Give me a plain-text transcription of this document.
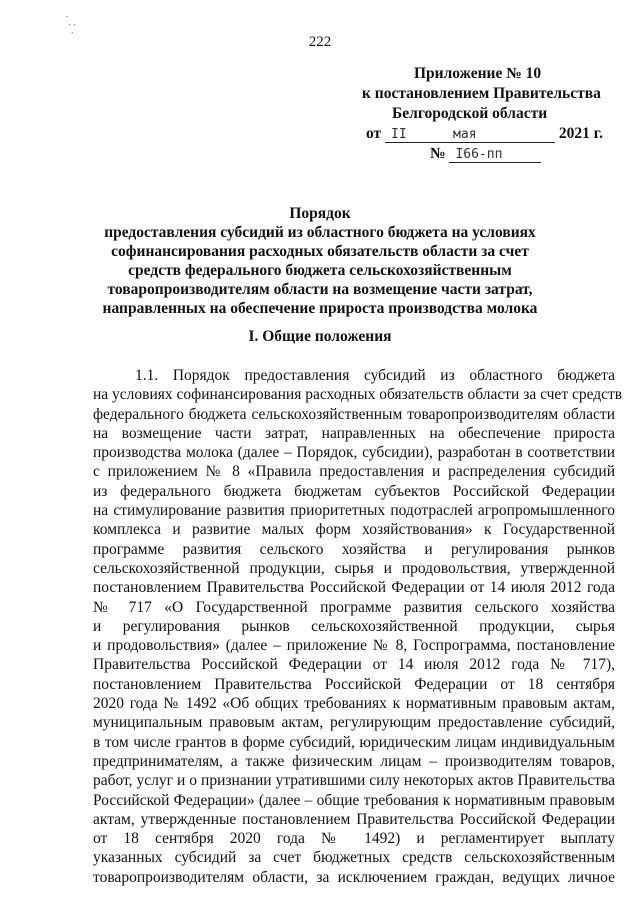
∙
∙ ∙
∙
222
Приложение № 10
к постановлением Правительства
Белгородской области
от II	мая	2021 г.
№ I66-пп
Порядок
предоставления субсидий из областного бюджета на условиях
софинансирования расходных обязательств области за счет
средств федерального бюджета сельскохозяйственным
товаропроизводителям области на возмещение части затрат,
направленных на обеспечение прироста производства молока
I. Общие положения
1.1. Порядок предоставления субсидий из областного бюджета
на условиях софинансирования расходных обязательств области за счет средств
федерального бюджета сельскохозяйственным товаропроизводителям области
на возмещение части затрат, направленных на обеспечение прироста
производства молока (далее – Порядок, субсидии), разработан в соответствии
с приложением № 8 «Правила предоставления и распределения субсидий
из федерального бюджета бюджетам субъектов Российской Федерации
на стимулирование развития приоритетных подотраслей агропромышленного
комплекса и развитие малых форм хозяйствования» к Государственной
программе развития сельского хозяйства и регулирования рынков
сельскохозяйственной продукции, сырья и продовольствия, утвержденной
постановлением Правительства Российской Федерации от 14 июля 2012 года
№ 717 «О Государственной программе развития сельского хозяйства
и регулирования рынков сельскохозяйственной продукции, сырья
и продовольствия» (далее – приложение № 8, Госпрограмма, постановление
Правительства Российской Федерации от 14 июля 2012 года № 717),
постановлением Правительства Российской Федерации от 18 сентября
2020 года № 1492 «Об общих требованиях к нормативным правовым актам,
муниципальным правовым актам, регулирующим предоставление субсидий,
в том числе грантов в форме субсидий, юридическим лицам индивидуальным
предпринимателям, а также физическим лицам – производителям товаров,
работ, услуг и о признании утратившими силу некоторых актов Правительства
Российской Федерации» (далее – общие требования к нормативным правовым
актам, утвержденные постановлением Правительства Российской Федерации
от 18 сентября 2020 года № 1492) и регламентирует выплату
указанных субсидий за счет бюджетных средств сельскохозяйственным
товаропроизводителям области, за исключением граждан, ведущих личное
